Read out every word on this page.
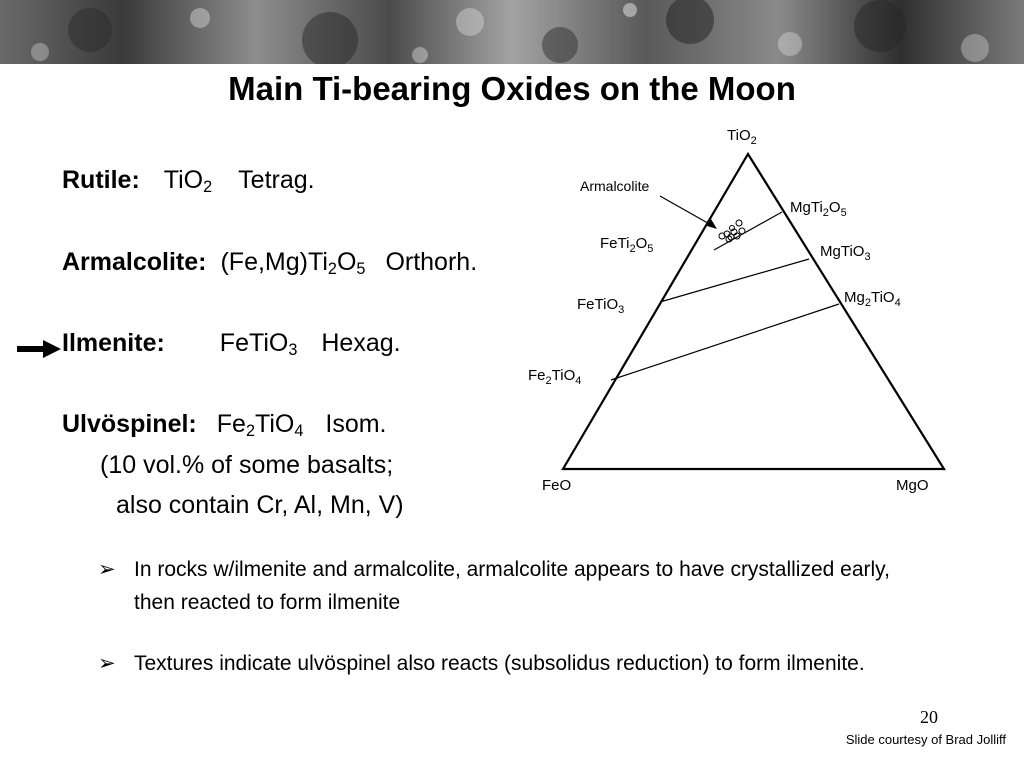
Main Ti-bearing Oxides on the Moon
Rutile: TiO$_2$ Tetrag.
Armalcolite: $(Fe,Mg)Ti_2O_5$ Orthorh.
Ilmenite: FeTiO$_3$ Hexag.
Ulvöspinel: $Fe_2TiO_4$ Isom.
(10 vol.% of some basalts;
also contain Cr, Al, Mn, V)
➢ In rocks w/ilmenite and armalcolite, armalcolite appears to have crystallized early, then reacted to form ilmenite
➢ Textures indicate ulvöspinel also reacts (subsolidus reduction) to form ilmenite.
TiO$_2$
FeO	MgO
Armalcolite
$FeTi_2O_5$
FeTiO$_3$
$Fe_2TiO_4$
$MgTi_2O_5$
MgTiO$_3$
$Mg_2TiO_4$
20
Slide courtesy of Brad Jolliff
